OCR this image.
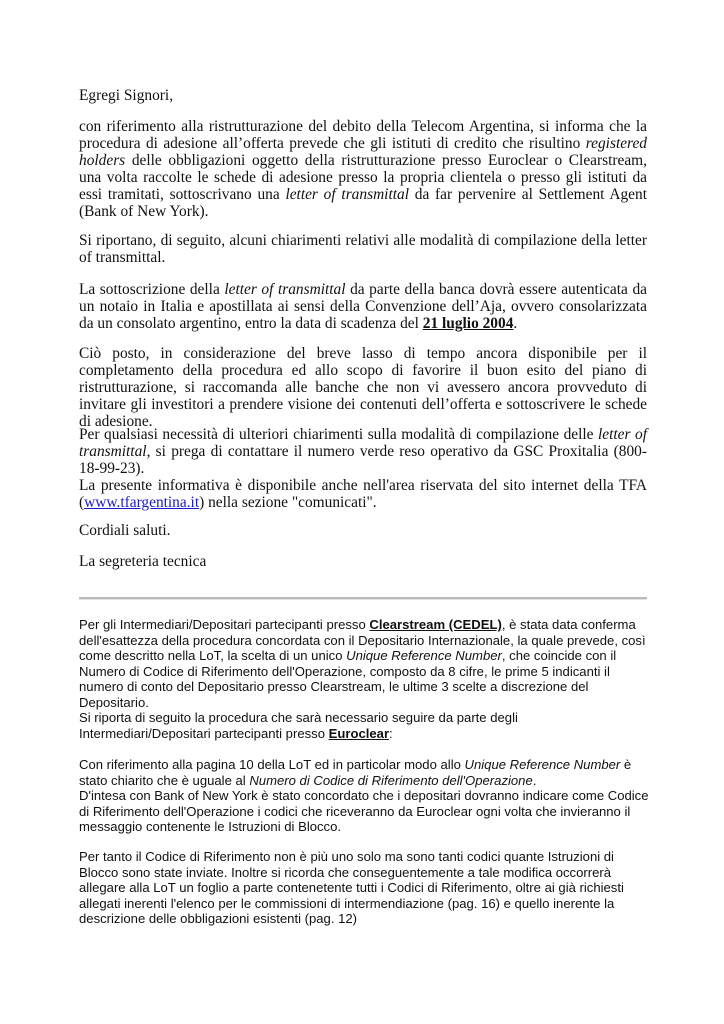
Egregi Signori,

con riferimento alla ristrutturazione del debito della Telecom Argentina, si informa che la procedura di adesione all’offerta prevede che gli istituti di credito che risultino registered holders delle obbligazioni oggetto della ristrutturazione presso Euroclear o Clearstream, una volta raccolte le schede di adesione presso la propria clientela o presso gli istituti da essi tramitati, sottoscrivano una letter of transmittal da far pervenire al Settlement Agent (Bank of New York).

Si riportano, di seguito, alcuni chiarimenti relativi alle modalità di compilazione della letter of transmittal.

La sottoscrizione della letter of transmittal da parte della banca dovrà essere autenticata da un notaio in Italia e apostillata ai sensi della Convenzione dell’Aja, ovvero consolarizzata da un consolato argentino, entro la data di scadenza del 21 luglio 2004.

Ciò posto, in considerazione del breve lasso di tempo ancora disponibile per il completamento della procedura ed allo scopo di favorire il buon esito del piano di ristrutturazione, si raccomanda alle banche che non vi avessero ancora provveduto di invitare gli investitori a prendere visione dei contenuti dell’offerta e sottoscrivere le schede di adesione.

Per qualsiasi necessità di ulteriori chiarimenti sulla modalità di compilazione delle letter of transmittal, si prega di contattare il numero verde reso operativo da GSC Proxitalia (800-18-99-23).

La presente informativa è disponibile anche nell'area riservata del sito internet della TFA (www.tfargentina.it) nella sezione "comunicati".

Cordiali saluti.

La segreteria tecnica

Per gli Intermediari/Depositari partecipanti presso Clearstream (CEDEL), è stata data conferma dell'esattezza della procedura concordata con il Depositario Internazionale, la quale prevede, così come descritto nella LoT, la scelta di un unico Unique Reference Number, che coincide con il Numero di Codice di Riferimento dell'Operazione, composto da 8 cifre, le prime 5 indicanti il numero di conto del Depositario presso Clearstream, le ultime 3 scelte a discrezione del Depositario.

Si riporta di seguito la procedura che sarà necessario seguire da parte degli Intermediari/Depositari partecipanti presso Euroclear:

Con riferimento alla pagina 10 della LoT ed in particolar modo allo Unique Reference Number è stato chiarito che è uguale al Numero di Codice di Riferimento dell'Operazione.

D'intesa con Bank of New York è stato concordato che i depositari dovranno indicare come Codice di Riferimento dell'Operazione i codici che riceveranno da Euroclear ogni volta che invieranno il messaggio contenente le Istruzioni di Blocco.

Per tanto il Codice di Riferimento non è più uno solo ma sono tanti codici quante Istruzioni di Blocco sono state inviate. Inoltre si ricorda che conseguentemente a tale modifica occorrerà allegare alla LoT un foglio a parte contenetente tutti i Codici di Riferimento, oltre ai già richiesti allegati inerenti l'elenco per le commissioni di intermendiazione (pag. 16) e quello inerente la descrizione delle obbligazioni esistenti (pag. 12)
